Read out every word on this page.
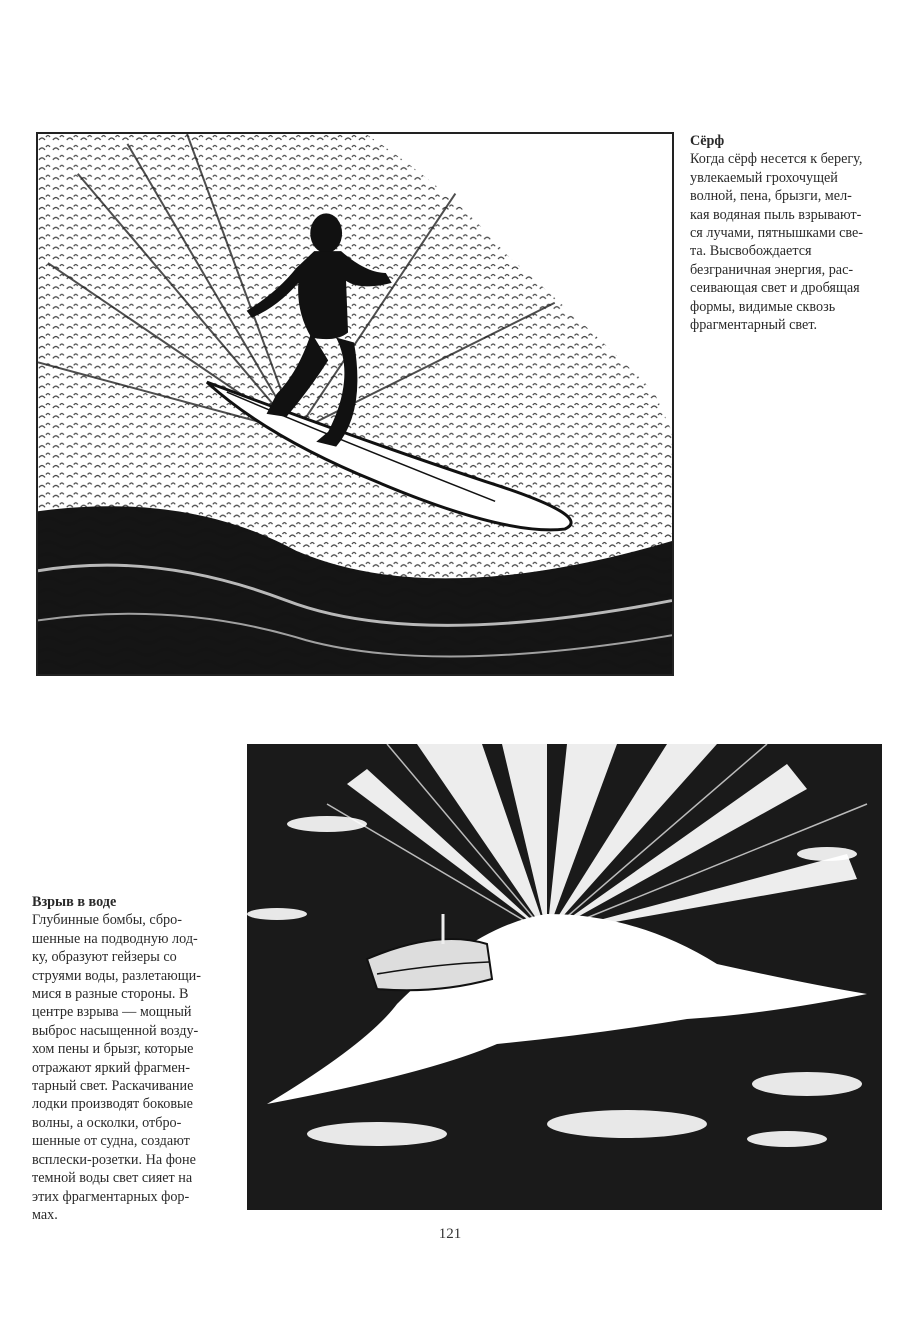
Сёрф
Когда сёрф несется к берегу,
увлекаемый грохочущей
волной, пена, брызги, мел-
кая водяная пыль взрывают-
ся лучами, пятнышками све-
та. Высвобождается
безграничная энергия, рас-
сеивающая свет и дробящая
формы, видимые сквозь
фрагментарный свет.
Взрыв в воде
Глубинные бомбы, сбро-
шенные на подводную лод-
ку, образуют гейзеры со
струями воды, разлетающи-
мися в разные стороны. В
центре взрыва — мощный
выброс насыщенной возду-
хом пены и брызг, которые
отражают яркий фрагмен-
тарный свет. Раскачивание
лодки производят боковые
волны, а осколки, отбро-
шенные от судна, создают
всплески-розетки. На фоне
темной воды свет сияет на
этих фрагментарных фор-
мах.
121
